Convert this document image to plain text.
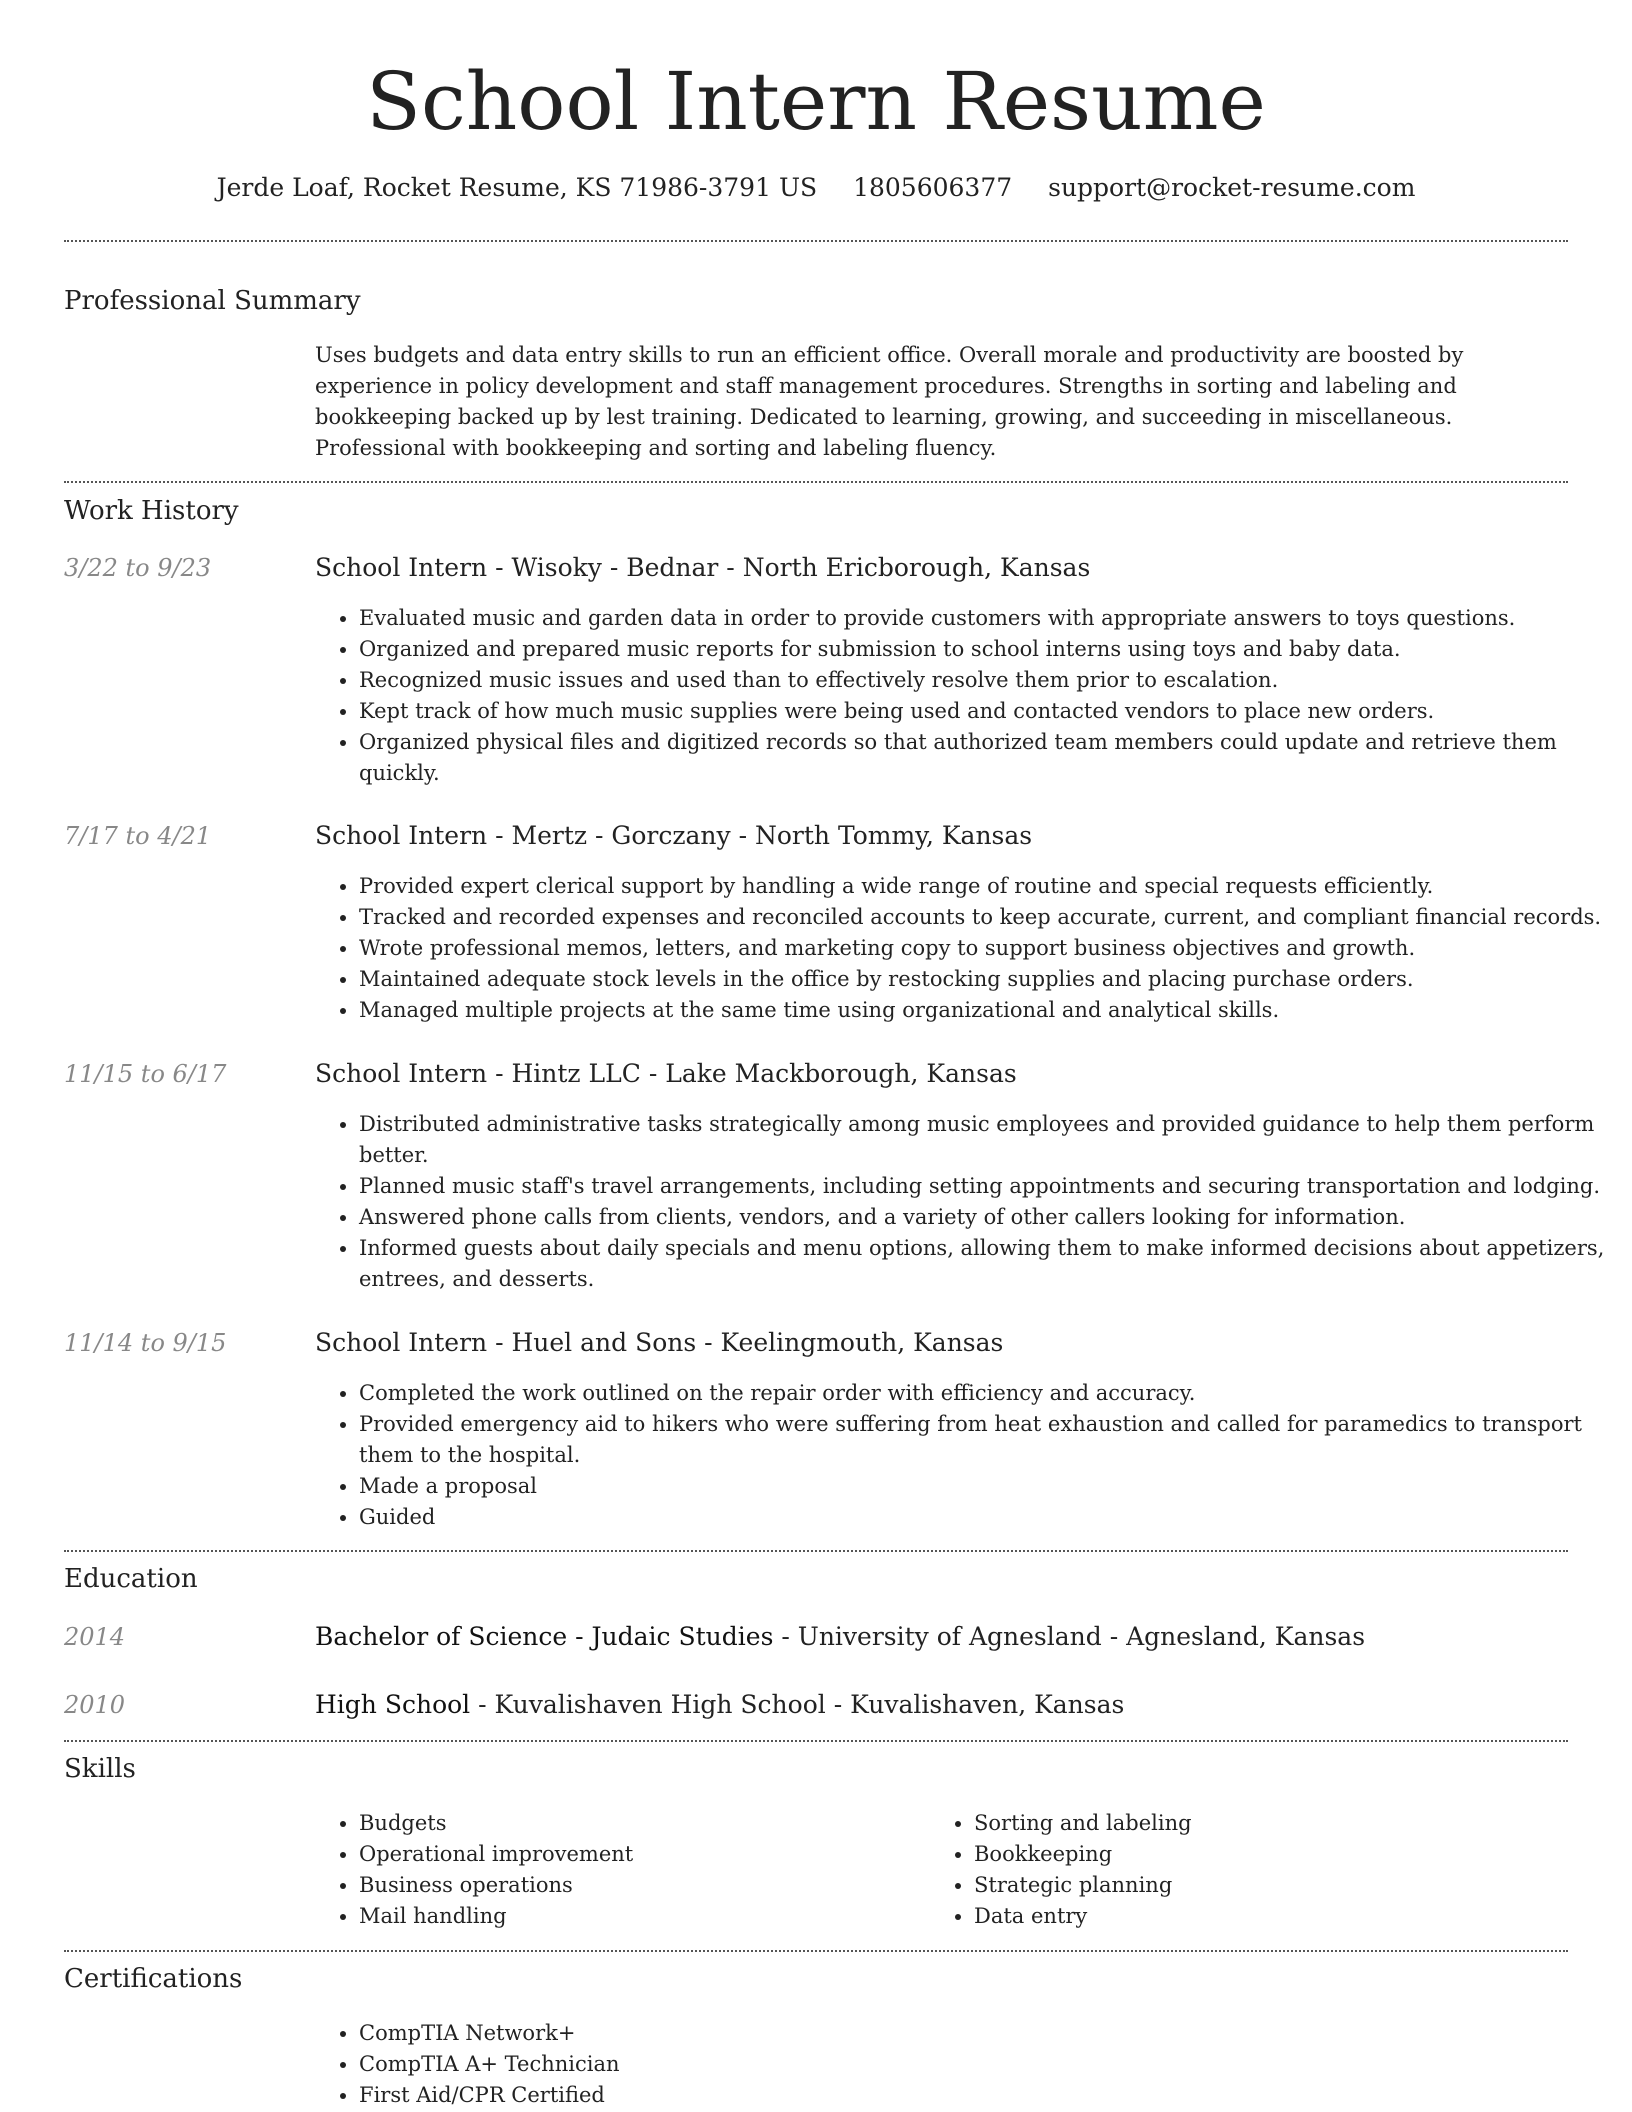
School Intern Resume
Jerde Loaf, Rocket Resume, KS 71986-3791 US 1805606377 support@rocket-resume.com
Professional Summary

Uses budgets and data entry skills to run an efficient office. Overall morale and productivity are boosted by experience in policy development and staff management procedures. Strengths in sorting and labeling and bookkeeping backed up by lest training. Dedicated to learning, growing, and succeeding in miscellaneous. Professional with bookkeeping and sorting and labeling fluency.

Work History
3/22 to 9/23	School Intern - Wisoky - Bednar - North Ericborough, Kansas
• Evaluated music and garden data in order to provide customers with appropriate answers to toys questions.
• Organized and prepared music reports for submission to school interns using toys and baby data.
• Recognized music issues and used than to effectively resolve them prior to escalation.
• Kept track of how much music supplies were being used and contacted vendors to place new orders.
• Organized physical files and digitized records so that authorized team members could update and retrieve them quickly.
7/17 to 4/21	School Intern - Mertz - Gorczany - North Tommy, Kansas
• Provided expert clerical support by handling a wide range of routine and special requests efficiently.
• Tracked and recorded expenses and reconciled accounts to keep accurate, current, and compliant financial records.
• Wrote professional memos, letters, and marketing copy to support business objectives and growth.
• Maintained adequate stock levels in the office by restocking supplies and placing purchase orders.
• Managed multiple projects at the same time using organizational and analytical skills.
11/15 to 6/17	School Intern - Hintz LLC - Lake Mackborough, Kansas
• Distributed administrative tasks strategically among music employees and provided guidance to help them perform better.
• Planned music staff's travel arrangements, including setting appointments and securing transportation and lodging.
• Answered phone calls from clients, vendors, and a variety of other callers looking for information.
• Informed guests about daily specials and menu options, allowing them to make informed decisions about appetizers, entrees, and desserts.
11/14 to 9/15	School Intern - Huel and Sons - Keelingmouth, Kansas
• Completed the work outlined on the repair order with efficiency and accuracy.
• Provided emergency aid to hikers who were suffering from heat exhaustion and called for paramedics to transport them to the hospital.
• Made a proposal
• Guided
Education
2014	Bachelor of Science - Judaic Studies - University of Agnesland - Agnesland, Kansas
2010	High School - Kuvalishaven High School - Kuvalishaven, Kansas
Skills
• Budgets
• Operational improvement
• Business operations
• Mail handling
• Sorting and labeling
• Bookkeeping
• Strategic planning
• Data entry
Certifications
• CompTIA Network+
• CompTIA A+ Technician
• First Aid/CPR Certified
